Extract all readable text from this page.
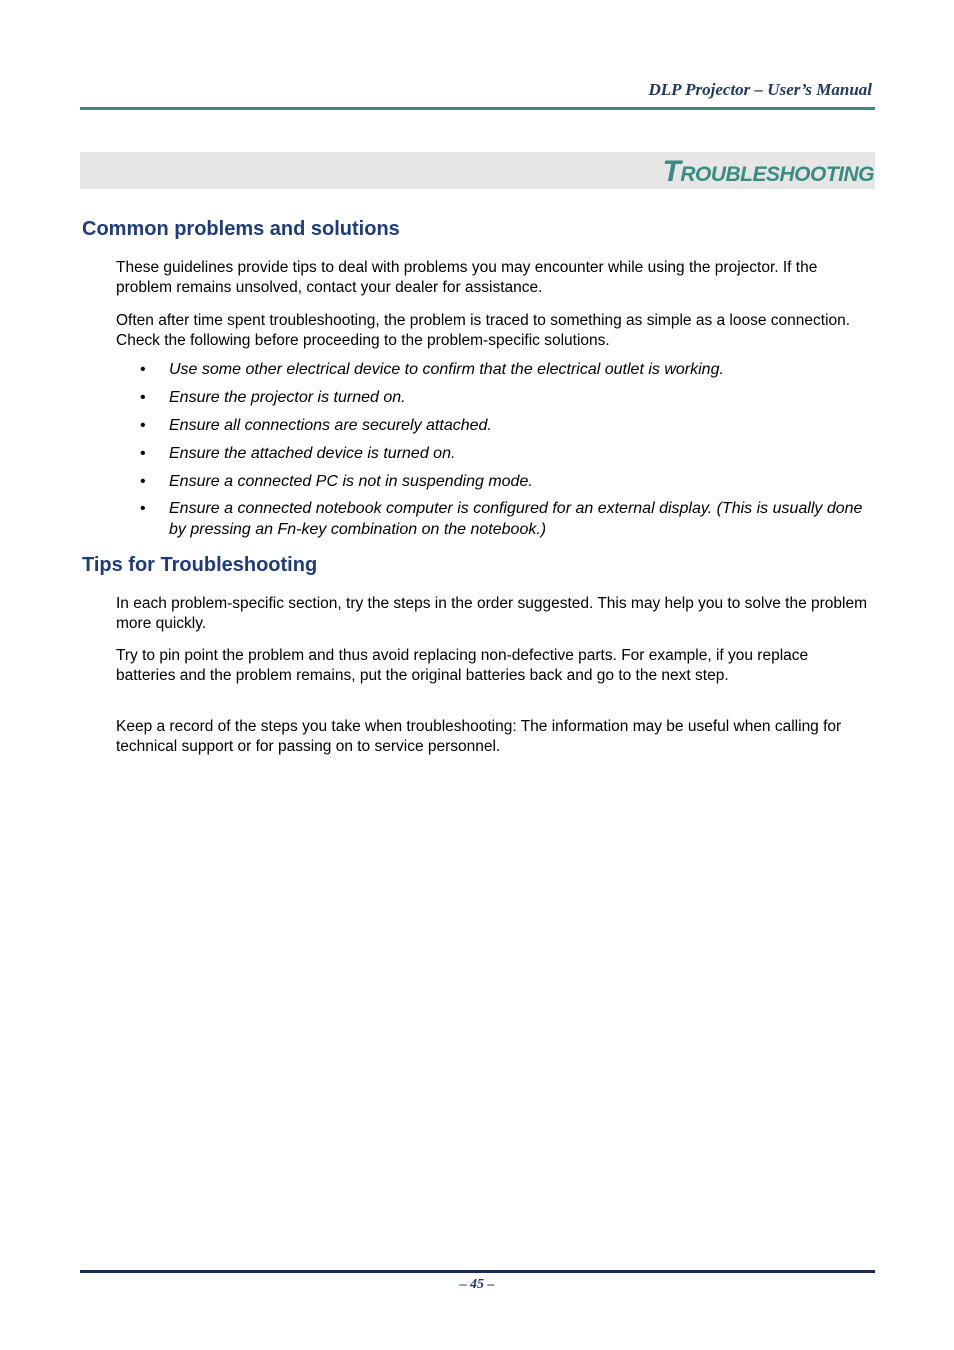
DLP Projector – User’s Manual
Troubleshooting
Common problems and solutions

These guidelines provide tips to deal with problems you may encounter while using the projector. If the problem remains unsolved, contact your dealer for assistance.

Often after time spent troubleshooting, the problem is traced to something as simple as a loose connection. Check the following before proceeding to the problem-specific solutions.

• Use some other electrical device to confirm that the electrical outlet is working.
• Ensure the projector is turned on.
• Ensure all connections are securely attached.
• Ensure the attached device is turned on.
• Ensure a connected PC is not in suspending mode.
• Ensure a connected notebook computer is configured for an external display. (This is usually done by pressing an Fn-key combination on the notebook.)
Tips for Troubleshooting

In each problem-specific section, try the steps in the order suggested. This may help you to solve the problem more quickly.

Try to pin point the problem and thus avoid replacing non-defective parts. For example, if you replace batteries and the problem remains, put the original batteries back and go to the next step.

Keep a record of the steps you take when troubleshooting: The information may be useful when calling for technical support or for passing on to service personnel.

– 45 –
